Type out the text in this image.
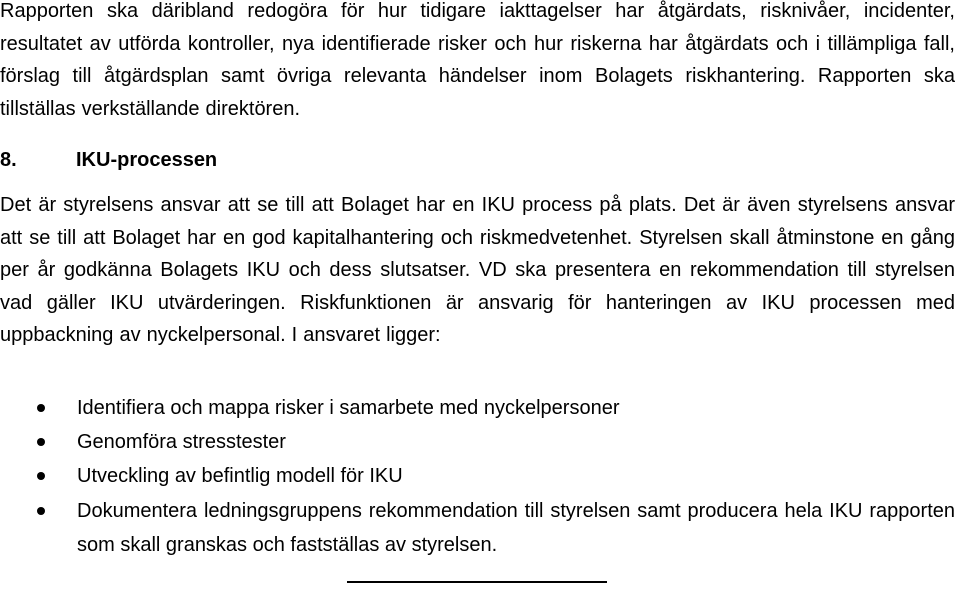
Rapporten ska däribland redogöra för hur tidigare iakttagelser har åtgärdats, risknivåer, incidenter, resultatet av utförda kontroller, nya identifierade risker och hur riskerna har åtgärdats och i tillämpliga fall, förslag till åtgärdsplan samt övriga relevanta händelser inom Bolagets riskhantering. Rapporten ska tillställas verkställande direktören.

8.	IKU-processen

Det är styrelsens ansvar att se till att Bolaget har en IKU process på plats. Det är även styrelsens ansvar att se till att Bolaget har en god kapitalhantering och riskmedvetenhet. Styrelsen skall åtminstone en gång per år godkänna Bolagets IKU och dess slutsatser. VD ska presentera en rekommendation till styrelsen vad gäller IKU utvärderingen. Riskfunktionen är ansvarig för hanteringen av IKU processen med uppbackning av nyckelpersonal. I ansvaret ligger:

Identifiera och mappa risker i samarbete med nyckelpersoner
Genomföra stresstester
Utveckling av befintlig modell för IKU
Dokumentera ledningsgruppens rekommendation till styrelsen samt producera hela IKU rapporten som skall granskas och fastställas av styrelsen.
